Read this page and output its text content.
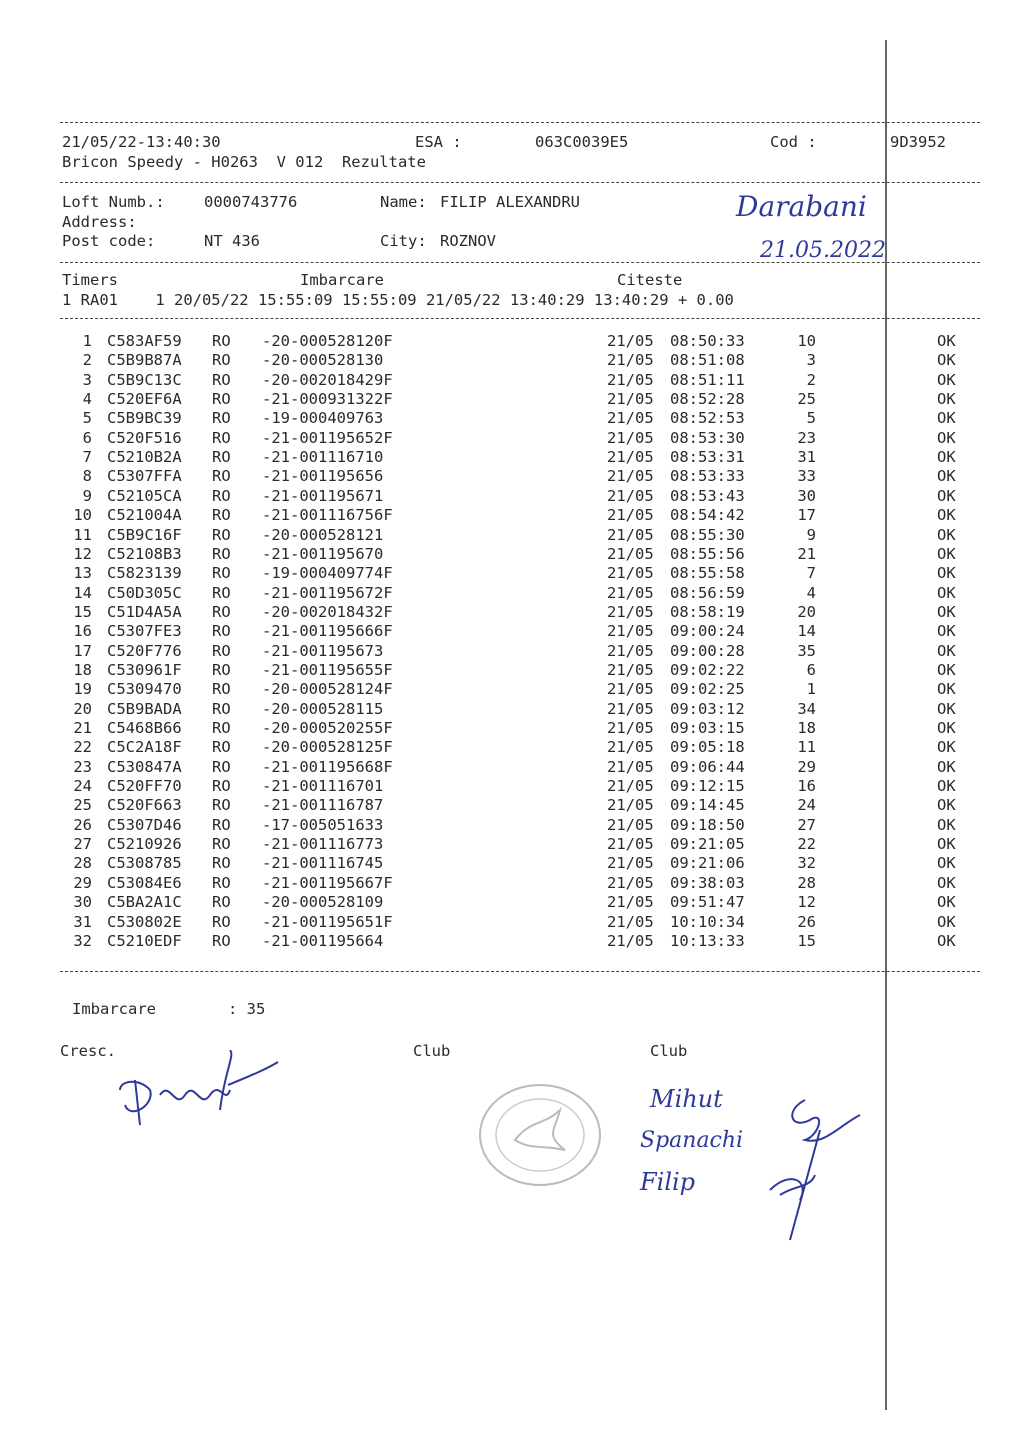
21/05/22-13:40:30	ESA :	063C0039E5	Cod :	9D3952
Bricon Speedy - H0263  V 012  Rezultate
Loft Numb.:	0000743776	Name: FILIP ALEXANDRU
Address:
Post code:	NT 436	City: ROZNOV
Darabani
21.05.2022
Timers	Imbarcare	Citeste
1 RA01    1 20/05/22 15:55:09 15:55:09 21/05/22 13:40:29 13:40:29 + 0.00
1 C583AF59 RO -20-000528120F	21/05 08:50:33	10	OK
2 C5B9B87A RO -20-000528130	21/05 08:51:08	3	OK
3 C5B9C13C RO -20-002018429F	21/05 08:51:11	2	OK
4 C520EF6A RO -21-000931322F	21/05 08:52:28	25	OK
5 C5B9BC39 RO -19-000409763	21/05 08:52:53	5	OK
6 C520F516 RO -21-001195652F	21/05 08:53:30	23	OK
7 C5210B2A RO -21-001116710	21/05 08:53:31	31	OK
8 C5307FFA RO -21-001195656	21/05 08:53:33	33	OK
9 C52105CA RO -21-001195671	21/05 08:53:43	30	OK
10 C521004A RO -21-001116756F	21/05 08:54:42	17	OK
11 C5B9C16F RO -20-000528121	21/05 08:55:30	9	OK
12 C52108B3 RO -21-001195670	21/05 08:55:56	21	OK
13 C5823139 RO -19-000409774F	21/05 08:55:58	7	OK
14 C50D305C RO -21-001195672F	21/05 08:56:59	4	OK
15 C51D4A5A RO -20-002018432F	21/05 08:58:19	20	OK
16 C5307FE3 RO -21-001195666F	21/05 09:00:24	14	OK
17 C520F776 RO -21-001195673	21/05 09:00:28	35	OK
18 C530961F RO -21-001195655F	21/05 09:02:22	6	OK
19 C5309470 RO -20-000528124F	21/05 09:02:25	1	OK
20 C5B9BADA RO -20-000528115	21/05 09:03:12	34	OK
21 C5468B66 RO -20-000520255F	21/05 09:03:15	18	OK
22 C5C2A18F RO -20-000528125F	21/05 09:05:18	11	OK
23 C530847A RO -21-001195668F	21/05 09:06:44	29	OK
24 C520FF70 RO -21-001116701	21/05 09:12:15	16	OK
25 C520F663 RO -21-001116787	21/05 09:14:45	24	OK
26 C5307D46 RO -17-005051633	21/05 09:18:50	27	OK
27 C5210926 RO -21-001116773	21/05 09:21:05	22	OK
28 C5308785 RO -21-001116745	21/05 09:21:06	32	OK
29 C53084E6 RO -21-001195667F	21/05 09:38:03	28	OK
30 C5BA2A1C RO -20-000528109	21/05 09:51:47	12	OK
31 C530802E RO -21-001195651F	21/05 10:10:34	26	OK
32 C5210EDF RO -21-001195664	21/05 10:13:33	15	OK
Imbarcare	: 35
Cresc.	Club	Club
Mihut
Spanachi
Filip
